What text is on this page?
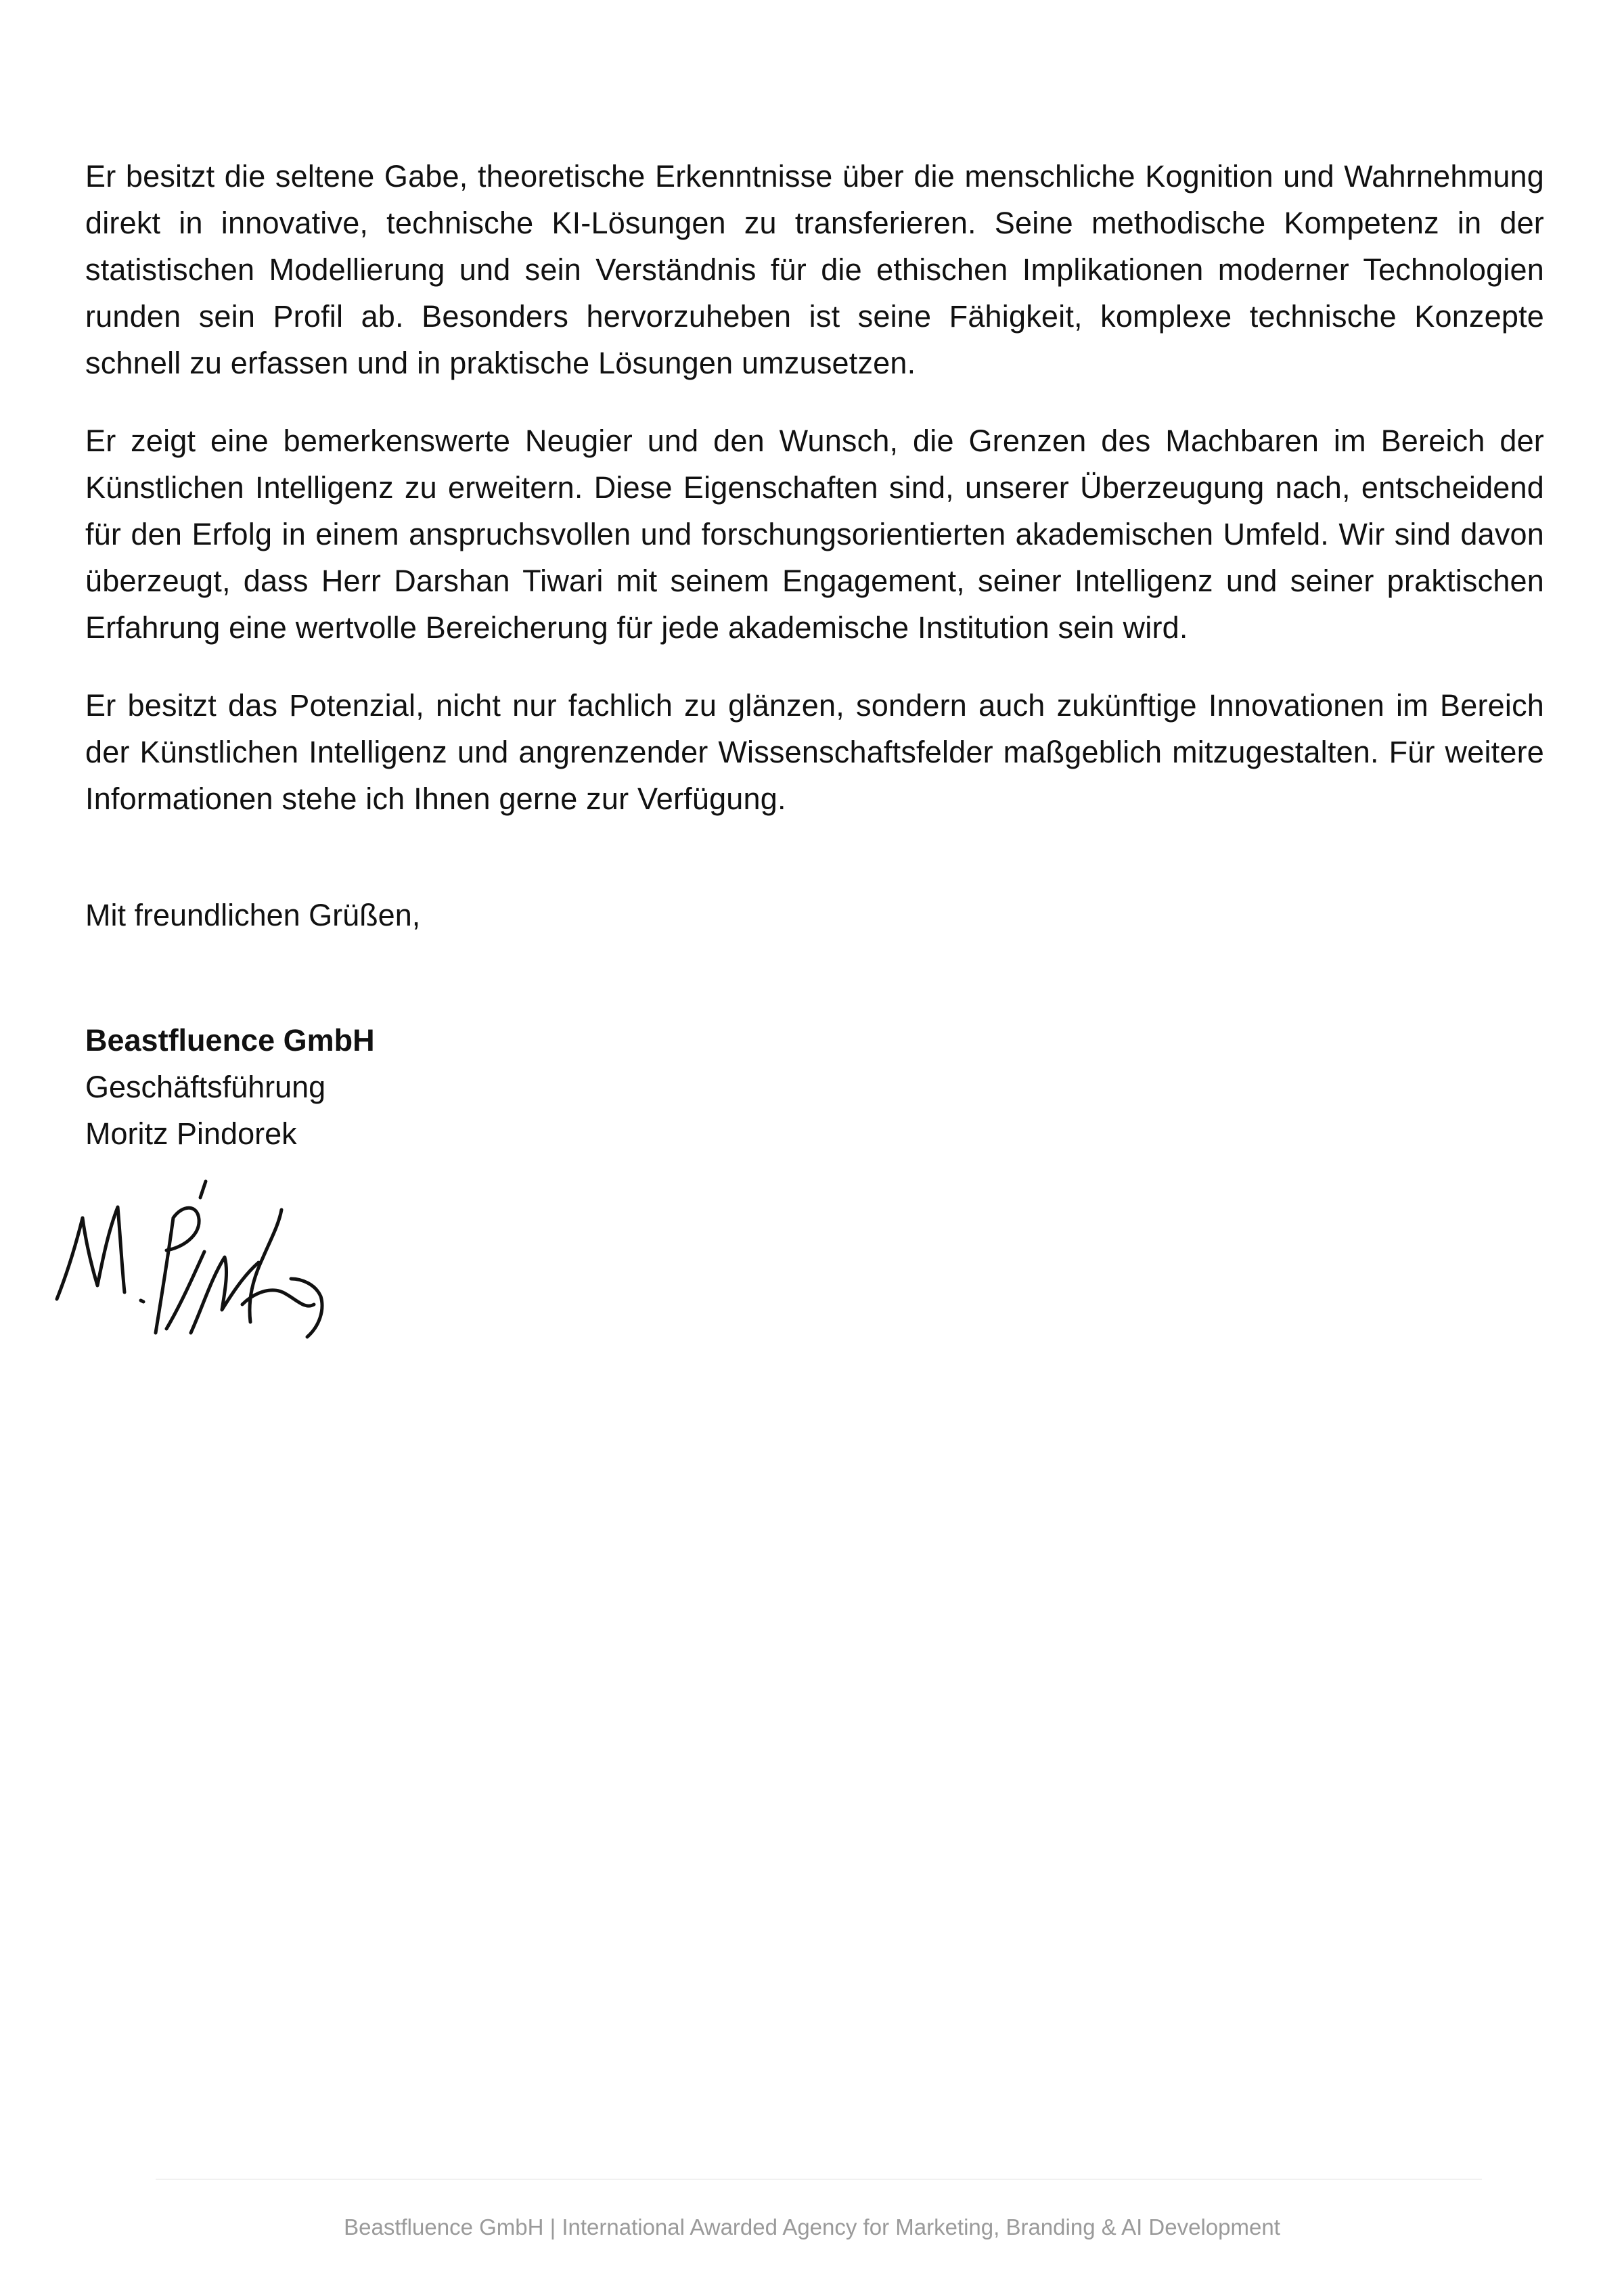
Er besitzt die seltene Gabe, theoretische Erkenntnisse über die menschliche Kognition und Wahrnehmung direkt in innovative, technische KI-Lösungen zu transferieren. Seine methodische Kompetenz in der statistischen Modellierung und sein Verständnis für die ethischen Implikationen moderner Technologien runden sein Profil ab. Besonders hervorzuheben ist seine Fähigkeit, komplexe technische Konzepte schnell zu erfassen und in praktische Lösungen umzusetzen.

Er zeigt eine bemerkenswerte Neugier und den Wunsch, die Grenzen des Machbaren im Bereich der Künstlichen Intelligenz zu erweitern. Diese Eigenschaften sind, unserer Überzeugung nach, entscheidend für den Erfolg in einem anspruchsvollen und forschungsorientierten akademischen Umfeld. Wir sind davon überzeugt, dass Herr Darshan Tiwari mit seinem Engagement, seiner Intelligenz und seiner praktischen Erfahrung eine wertvolle Bereicherung für jede akademische Institution sein wird.

Er besitzt das Potenzial, nicht nur fachlich zu glänzen, sondern auch zukünftige Innovationen im Bereich der Künstlichen Intelligenz und angrenzender Wissenschaftsfelder maßgeblich mitzugestalten. Für weitere Informationen stehe ich Ihnen gerne zur Verfügung.

Mit freundlichen Grüßen,
Beastfluence GmbH
Geschäftsführung
Moritz Pindorek
Beastfluence GmbH | International Awarded Agency for Marketing, Branding & AI Development
